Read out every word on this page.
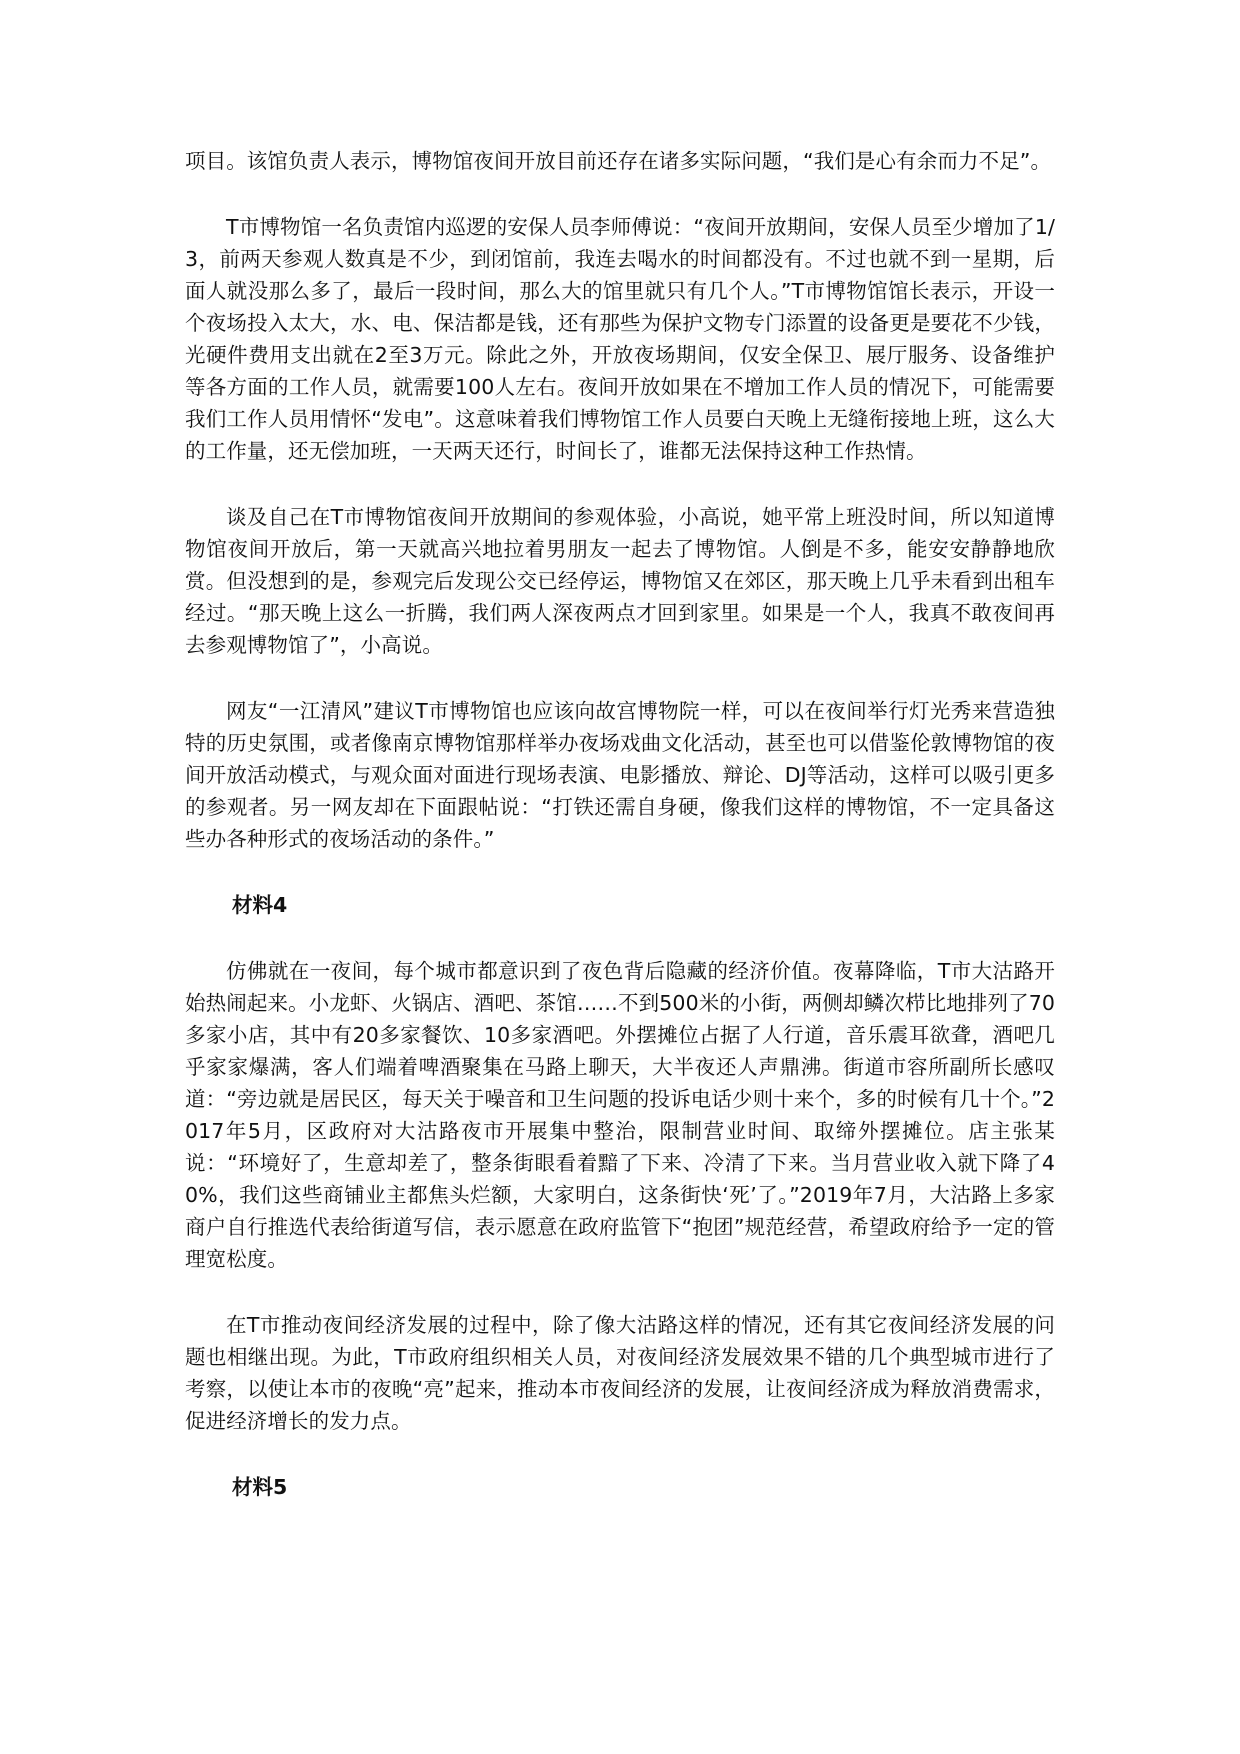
项目。该馆负责人表示，博物馆夜间开放目前还存在诸多实际问题，“我们是心有余而力不足”。

T市博物馆一名负责馆内巡逻的安保人员李师傅说：“夜间开放期间，安保人员至少增加了1/3，前两天参观人数真是不少，到闭馆前，我连去喝水的时间都没有。不过也就不到一星期，后面人就没那么多了，最后一段时间，那么大的馆里就只有几个人。”T市博物馆馆长表示，开设一个夜场投入太大，水、电、保洁都是钱，还有那些为保护文物专门添置的设备更是要花不少钱，光硬件费用支出就在2至3万元。除此之外，开放夜场期间，仅安全保卫、展厅服务、设备维护等各方面的工作人员，就需要100人左右。夜间开放如果在不增加工作人员的情况下，可能需要我们工作人员用情怀“发电”。这意味着我们博物馆工作人员要白天晚上无缝衔接地上班，这么大的工作量，还无偿加班，一天两天还行，时间长了，谁都无法保持这种工作热情。

谈及自己在T市博物馆夜间开放期间的参观体验，小高说，她平常上班没时间，所以知道博物馆夜间开放后，第一天就高兴地拉着男朋友一起去了博物馆。人倒是不多，能安安静静地欣赏。但没想到的是，参观完后发现公交已经停运，博物馆又在郊区，那天晚上几乎未看到出租车经过。“那天晚上这么一折腾，我们两人深夜两点才回到家里。如果是一个人，我真不敢夜间再去参观博物馆了”，小高说。

网友“一江清风”建议T市博物馆也应该向故宫博物院一样，可以在夜间举行灯光秀来营造独特的历史氛围，或者像南京博物馆那样举办夜场戏曲文化活动，甚至也可以借鉴伦敦博物馆的夜间开放活动模式，与观众面对面进行现场表演、电影播放、辩论、DJ等活动，这样可以吸引更多的参观者。另一网友却在下面跟帖说：“打铁还需自身硬，像我们这样的博物馆，不一定具备这些办各种形式的夜场活动的条件。”

材料4

仿佛就在一夜间，每个城市都意识到了夜色背后隐藏的经济价值。夜幕降临，T市大沽路开始热闹起来。小龙虾、火锅店、酒吧、茶馆……不到500米的小街，两侧却鳞次栉比地排列了70多家小店，其中有20多家餐饮、10多家酒吧。外摆摊位占据了人行道，音乐震耳欲聋，酒吧几乎家家爆满，客人们端着啤酒聚集在马路上聊天，大半夜还人声鼎沸。街道市容所副所长感叹道：“旁边就是居民区，每天关于噪音和卫生问题的投诉电话少则十来个，多的时候有几十个。”2017年5月，区政府对大沽路夜市开展集中整治，限制营业时间、取缔外摆摊位。店主张某说：“环境好了，生意却差了，整条街眼看着黯了下来、冷清了下来。当月营业收入就下降了40%，我们这些商铺业主都焦头烂额，大家明白，这条街快‘死’了。”2019年7月，大沽路上多家商户自行推选代表给街道写信，表示愿意在政府监管下“抱团”规范经营，希望政府给予一定的管理宽松度。

在T市推动夜间经济发展的过程中，除了像大沽路这样的情况，还有其它夜间经济发展的问题也相继出现。为此，T市政府组织相关人员，对夜间经济发展效果不错的几个典型城市进行了考察，以使让本市的夜晚“亮”起来，推动本市夜间经济的发展，让夜间经济成为释放消费需求，促进经济增长的发力点。

材料5
